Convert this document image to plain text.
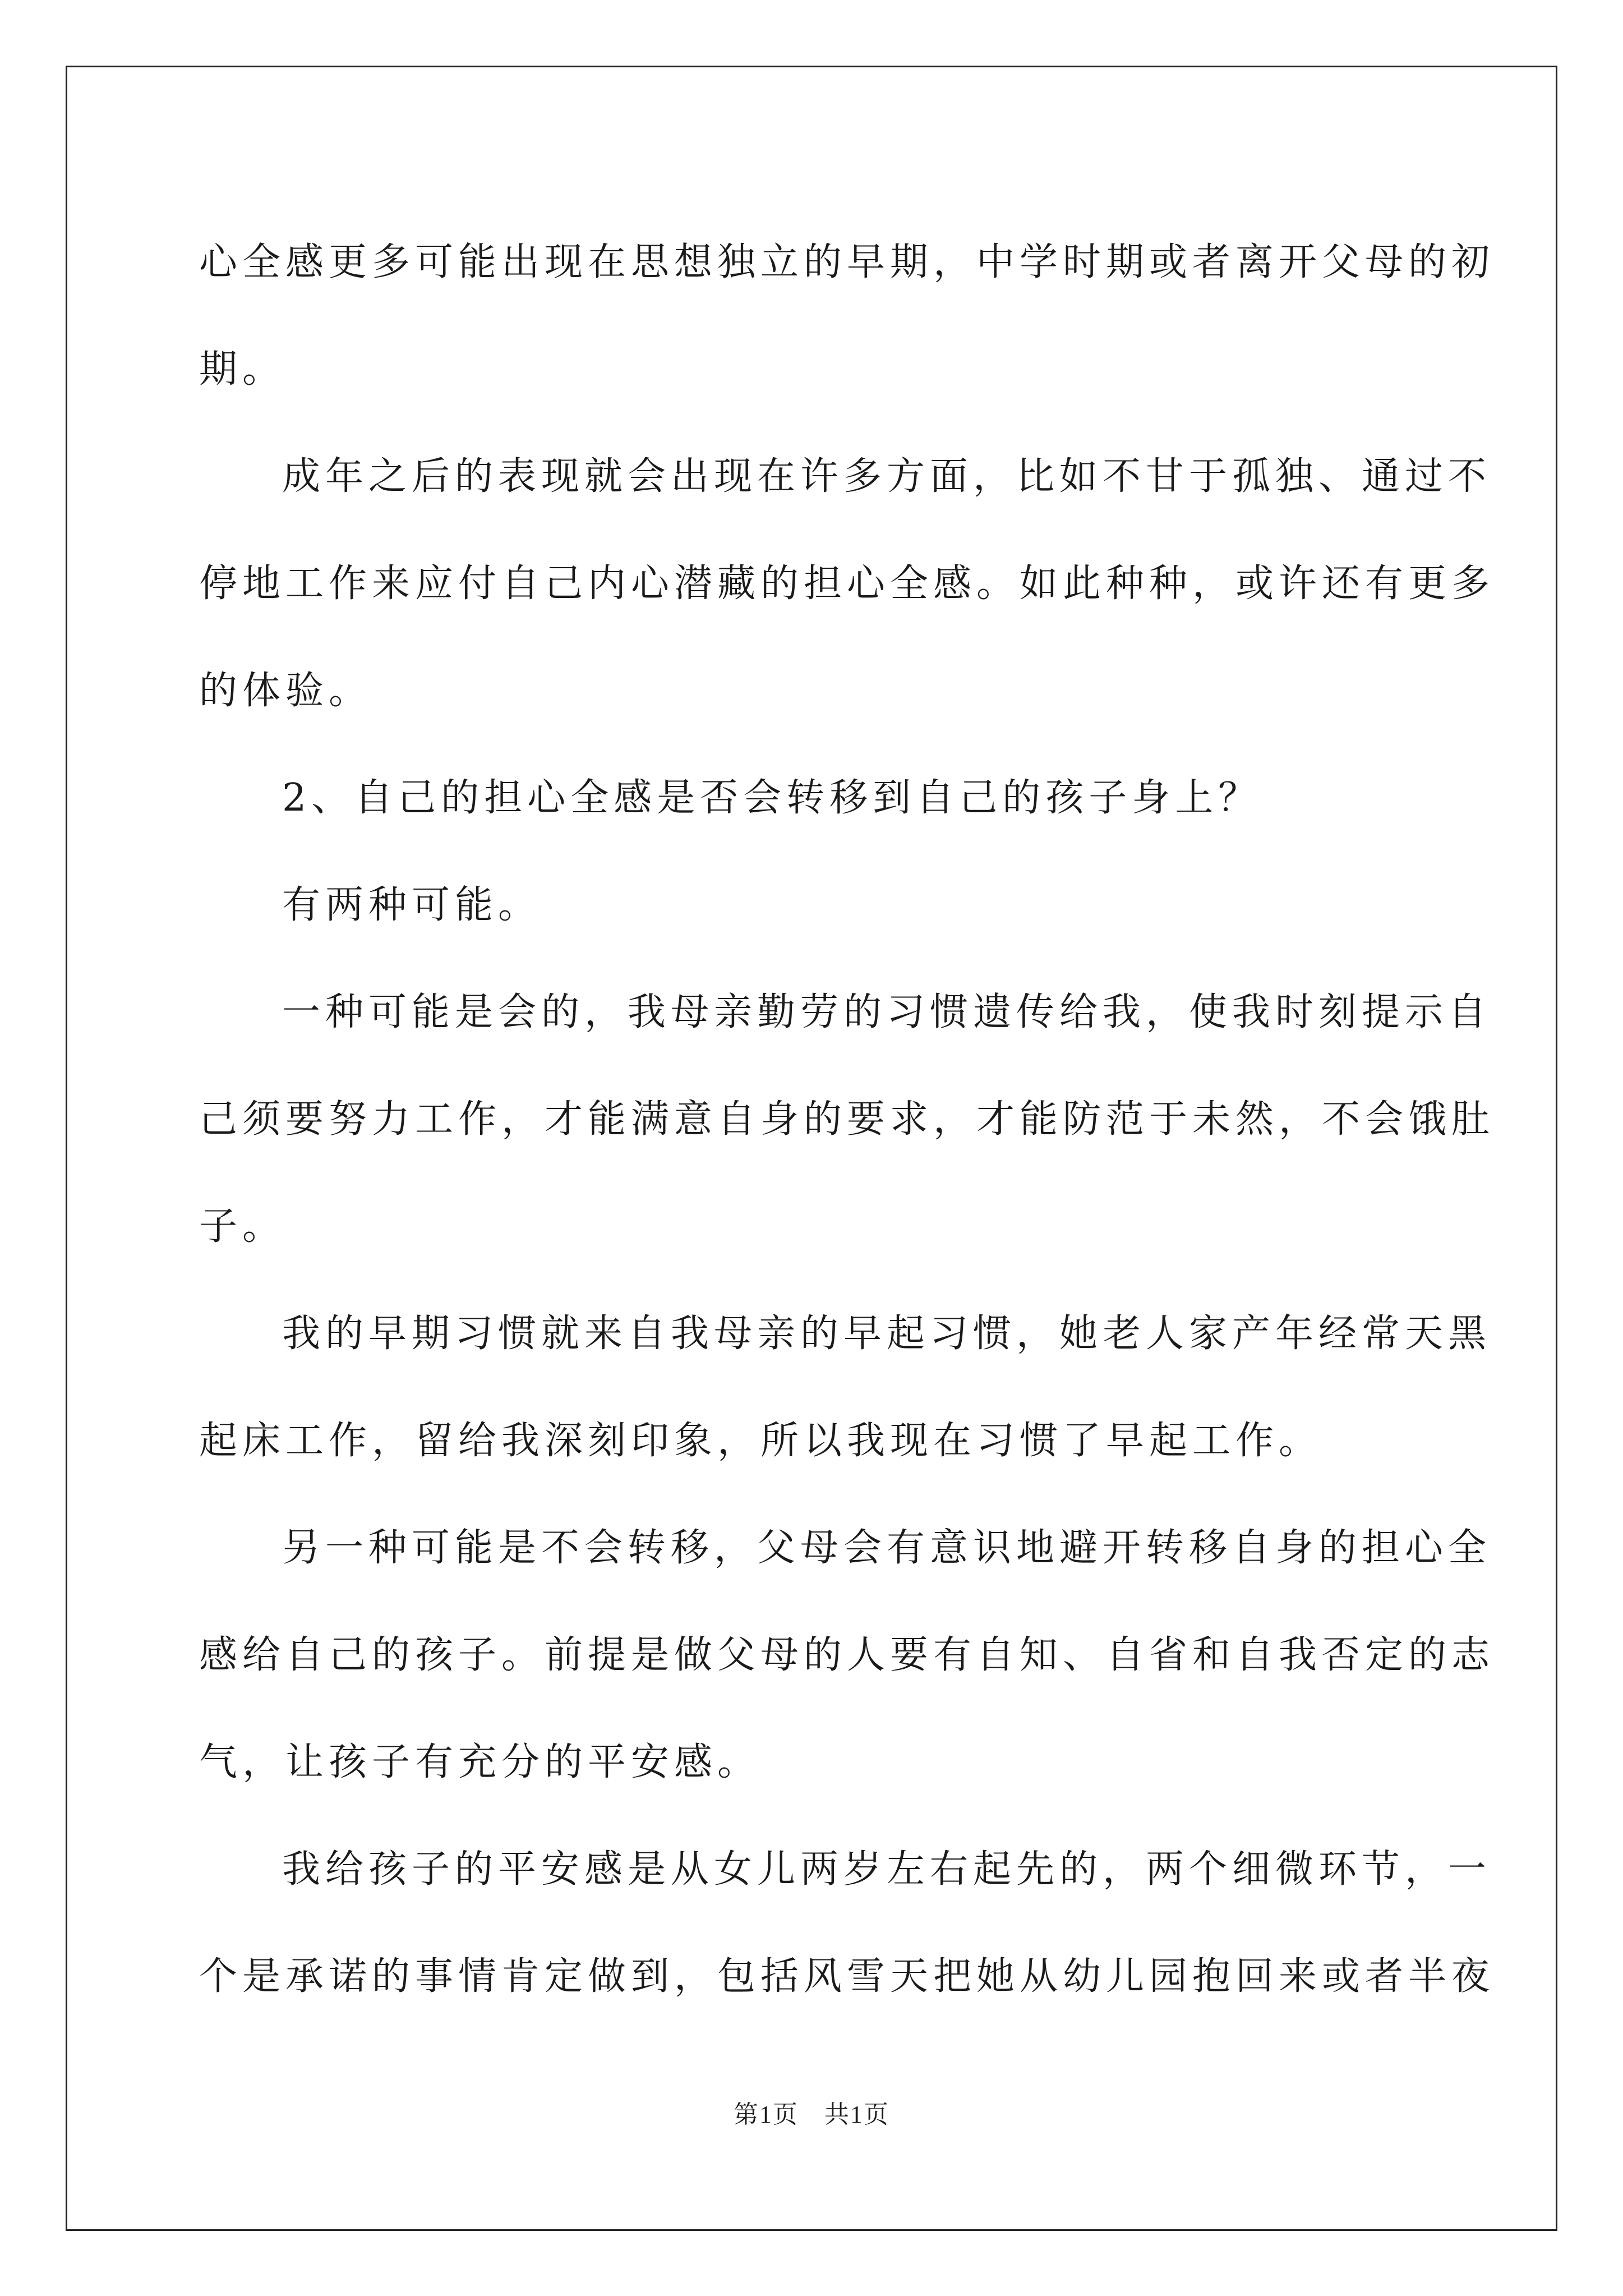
心全感更多可能出现在思想独立的早期，中学时期或者离开父母的初
期。
成年之后的表现就会出现在许多方面，比如不甘于孤独、通过不
停地工作来应付自己内心潜藏的担心全感。如此种种，或许还有更多
的体验。
2、自己的担心全感是否会转移到自己的孩子身上？
有两种可能。
一种可能是会的，我母亲勤劳的习惯遗传给我，使我时刻提示自
己须要努力工作，才能满意自身的要求，才能防范于未然，不会饿肚
子。
我的早期习惯就来自我母亲的早起习惯，她老人家产年经常天黑
起床工作，留给我深刻印象，所以我现在习惯了早起工作。
另一种可能是不会转移，父母会有意识地避开转移自身的担心全
感给自己的孩子。前提是做父母的人要有自知、自省和自我否定的志
气，让孩子有充分的平安感。
我给孩子的平安感是从女儿两岁左右起先的，两个细微环节，一
个是承诺的事情肯定做到，包括风雪天把她从幼儿园抱回来或者半夜
第1页　共1页
